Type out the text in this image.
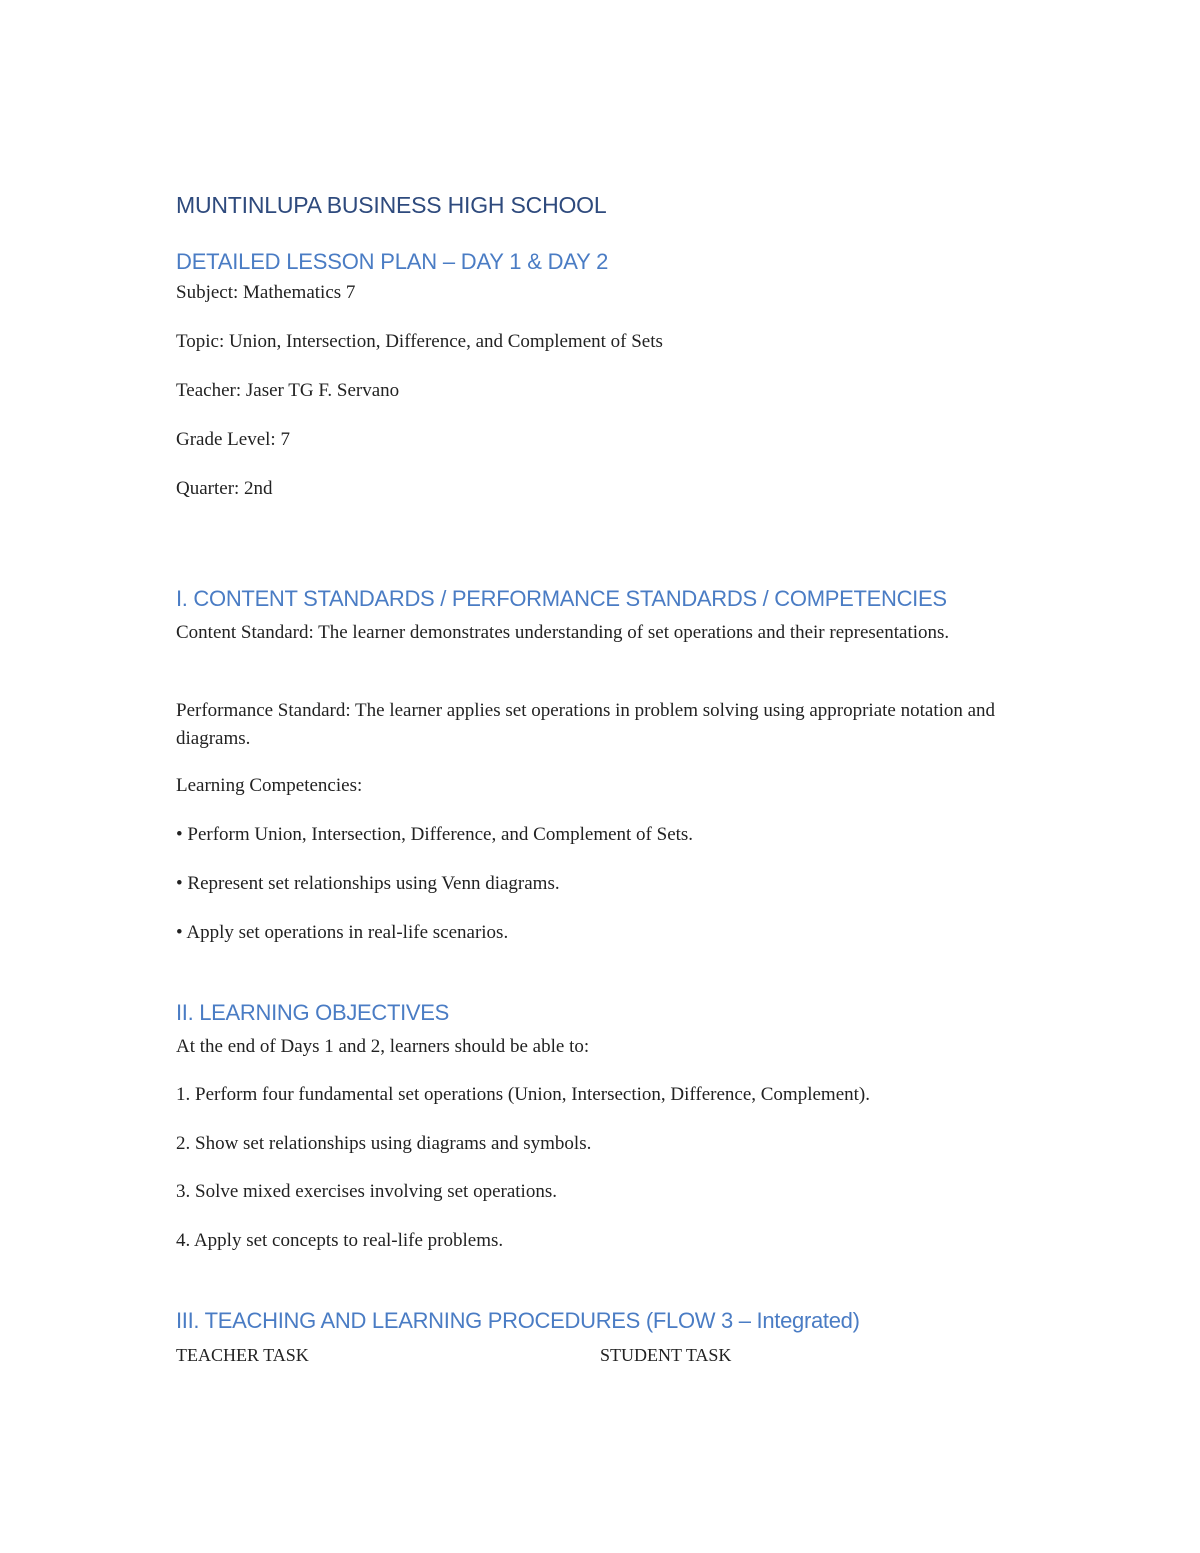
MUNTINLUPA BUSINESS HIGH SCHOOL
DETAILED LESSON PLAN – DAY 1 & DAY 2
Subject: Mathematics 7
Topic: Union, Intersection, Difference, and Complement of Sets
Teacher: Jaser TG F. Servano
Grade Level: 7
Quarter: 2nd
I. CONTENT STANDARDS / PERFORMANCE STANDARDS / COMPETENCIES
Content Standard: The learner demonstrates understanding of set operations and their representations.
Performance Standard: The learner applies set operations in problem solving using appropriate notation and diagrams.
Learning Competencies:
• Perform Union, Intersection, Difference, and Complement of Sets.
• Represent set relationships using Venn diagrams.
• Apply set operations in real-life scenarios.
II. LEARNING OBJECTIVES
At the end of Days 1 and 2, learners should be able to:
1. Perform four fundamental set operations (Union, Intersection, Difference, Complement).
2. Show set relationships using diagrams and symbols.
3. Solve mixed exercises involving set operations.
4. Apply set concepts to real-life problems.
III. TEACHING AND LEARNING PROCEDURES (FLOW 3 – Integrated)
TEACHER TASK	STUDENT TASK
